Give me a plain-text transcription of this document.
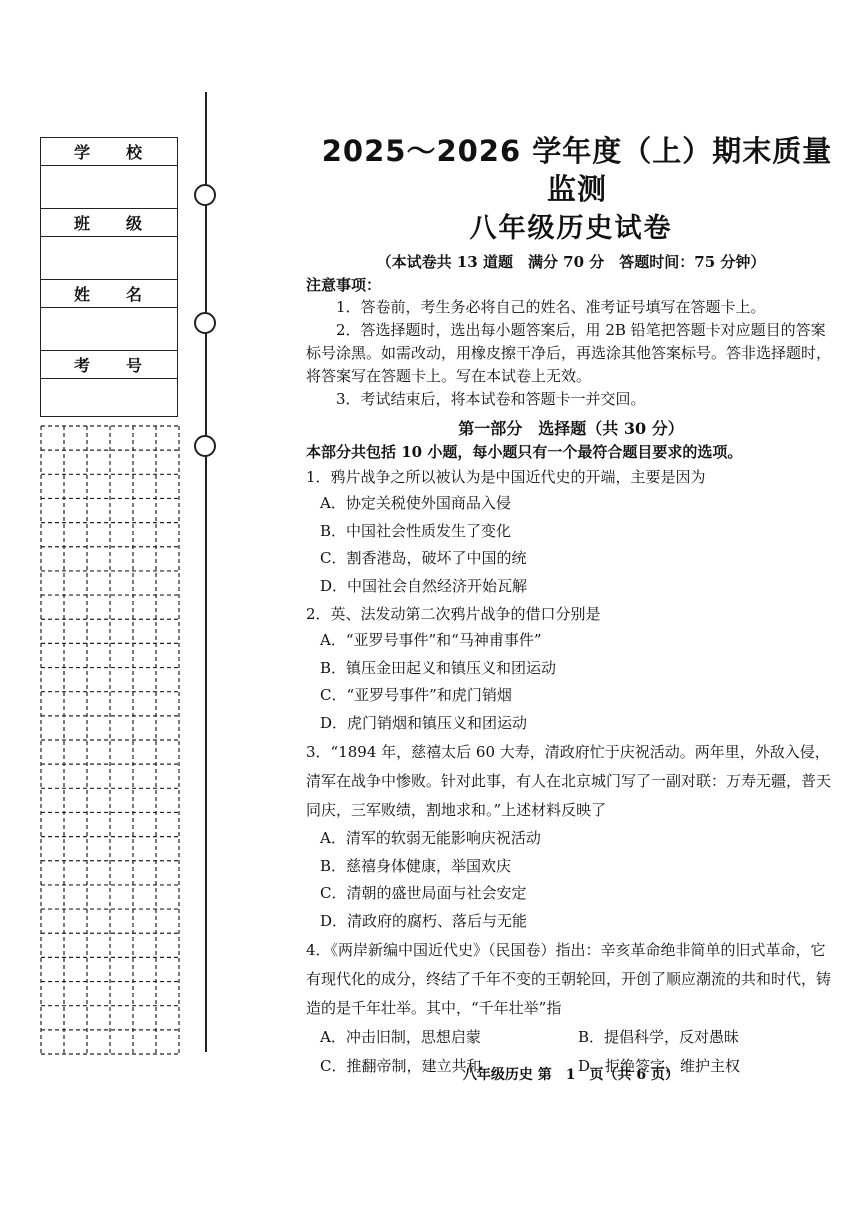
学 校
班 级
姓 名
考 号
2025～2026 学年度（上）期末质量监测
八年级历史试卷
（本试卷共 13 道题　满分 70 分　答题时间：75 分钟）
注意事项：
1．答卷前，考生务必将自己的姓名、准考证号填写在答题卡上。
2．答选择题时，选出每小题答案后，用 2B 铅笔把答题卡对应题目的答案标号涂黑。如需改动，用橡皮擦干净后，再选涂其他答案标号。答非选择题时，将答案写在答题卡上。写在本试卷上无效。
3．考试结束后，将本试卷和答题卡一并交回。
第一部分　选择题（共 30 分）
本部分共包括 10 小题，每小题只有一个最符合题目要求的选项。
1．鸦片战争之所以被认为是中国近代史的开端，主要是因为
A．协定关税使外国商品入侵
B．中国社会性质发生了变化
C．割香港岛，破坏了中国的统
D．中国社会自然经济开始瓦解
2．英、法发动第二次鸦片战争的借口分别是
A．“亚罗号事件”和“马神甫事件”
B．镇压金田起义和镇压义和团运动
C．“亚罗号事件”和虎门销烟
D．虎门销烟和镇压义和团运动
3．“1894 年，慈禧太后 60 大寿，清政府忙于庆祝活动。两年里，外敌入侵，清军在战争中惨败。针对此事，有人在北京城门写了一副对联：万寿无疆，普天同庆，三军败绩，割地求和。”上述材料反映了
A．清军的软弱无能影响庆祝活动
B．慈禧身体健康，举国欢庆
C．清朝的盛世局面与社会安定
D．清政府的腐朽、落后与无能
4．《两岸新编中国近代史》（民国卷）指出：辛亥革命绝非简单的旧式革命，它有现代化的成分，终结了千年不变的王朝轮回，开创了顺应潮流的共和时代，铸造的是千年壮举。其中，“千年壮举”指
A．冲击旧制，思想启蒙	B．提倡科学，反对愚昧
C．推翻帝制，建立共和	D．拒绝签字，维护主权
八年级历史 第　1　页（共 6 页）
